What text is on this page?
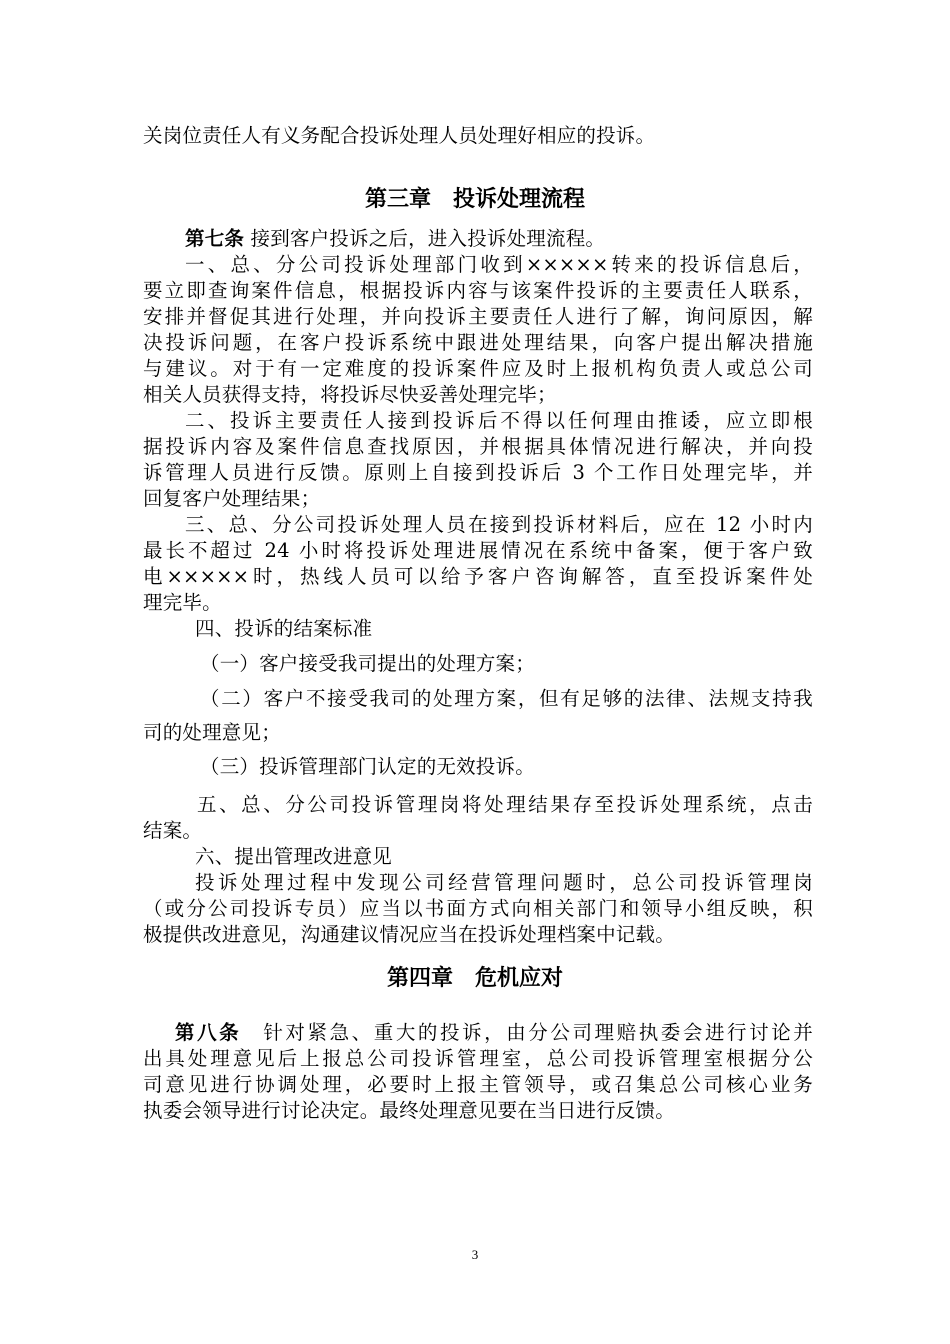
关岗位责任人有义务配合投诉处理人员处理好相应的投诉。
第三章　投诉处理流程
第七条 接到客户投诉之后，进入投诉处理流程。
一、总、分公司投诉处理部门收到×××××转来的投诉信息后，
要立即查询案件信息，根据投诉内容与该案件投诉的主要责任人联系，
安排并督促其进行处理，并向投诉主要责任人进行了解，询问原因，解
决投诉问题，在客户投诉系统中跟进处理结果，向客户提出解决措施
与建议。对于有一定难度的投诉案件应及时上报机构负责人或总公司
相关人员获得支持，将投诉尽快妥善处理完毕；
二、投诉主要责任人接到投诉后不得以任何理由推诿，应立即根
据投诉内容及案件信息查找原因，并根据具体情况进行解决，并向投
诉管理人员进行反馈。原则上自接到投诉后 3 个工作日处理完毕，并
回复客户处理结果；
三、总、分公司投诉处理人员在接到投诉材料后，应在 12 小时内
最长不超过 24 小时将投诉处理进展情况在系统中备案，便于客户致
电×××××时，热线人员可以给予客户咨询解答，直至投诉案件处
理完毕。
四、投诉的结案标准
（一）客户接受我司提出的处理方案；
（二）客户不接受我司的处理方案，但有足够的法律、法规支持我
司的处理意见；
（三）投诉管理部门认定的无效投诉。
五、总、分公司投诉管理岗将处理结果存至投诉处理系统，点击
结案。
六、提出管理改进意见
投诉处理过程中发现公司经营管理问题时，总公司投诉管理岗
（或分公司投诉专员）应当以书面方式向相关部门和领导小组反映，积
极提供改进意见，沟通建议情况应当在投诉处理档案中记载。
第四章　危机应对
第八条　针对紧急、重大的投诉，由分公司理赔执委会进行讨论并
出具处理意见后上报总公司投诉管理室，总公司投诉管理室根据分公
司意见进行协调处理，必要时上报主管领导，或召集总公司核心业务
执委会领导进行讨论决定。最终处理意见要在当日进行反馈。
3
